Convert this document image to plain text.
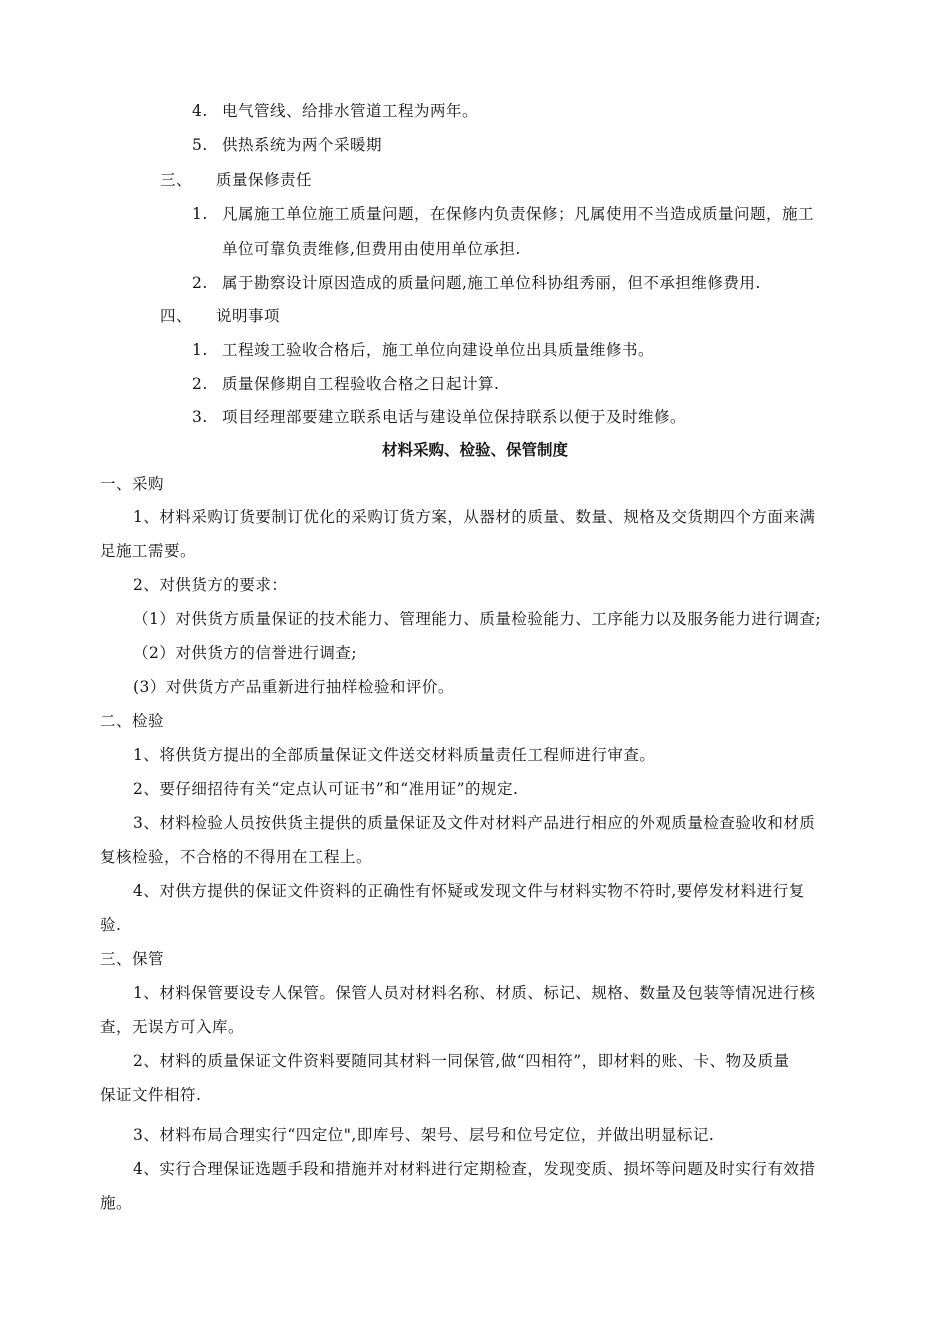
4. 电气管线、给排水管道工程为两年。
5. 供热系统为两个采暖期
三、 质量保修责任
1. 凡属施工单位施工质量问题，在保修内负责保修；凡属使用不当造成质量问题，施工
单位可靠负责维修,但费用由使用单位承担.
2. 属于勘察设计原因造成的质量问题,施工单位科协组秀丽，但不承担维修费用.
四、 说明事项
1. 工程竣工验收合格后，施工单位向建设单位出具质量维修书。
2. 质量保修期自工程验收合格之日起计算.
3. 项目经理部要建立联系电话与建设单位保持联系以便于及时维修。
材料采购、检验、保管制度
一、采购
1、材料采购订货要制订优化的采购订货方案，从器材的质量、数量、规格及交货期四个方面来满
足施工需要。
2、对供货方的要求：
（1）对供货方质量保证的技术能力、管理能力、质量检验能力、工序能力以及服务能力进行调查;
（2）对供货方的信誉进行调查;
(3）对供货方产品重新进行抽样检验和评价。
二、检验
1、将供货方提出的全部质量保证文件送交材料质量责任工程师进行审查。
2、要仔细招待有关“定点认可证书”和“准用证”的规定.
3、材料检验人员按供货主提供的质量保证及文件对材料产品进行相应的外观质量检查验收和材质
复核检验，不合格的不得用在工程上。
4、对供方提供的保证文件资料的正确性有怀疑或发现文件与材料实物不符时,要停发材料进行复
验.
三、保管
1、材料保管要设专人保管。保管人员对材料名称、材质、标记、规格、数量及包装等情况进行核
查，无误方可入库。
2、材料的质量保证文件资料要随同其材料一同保管,做“四相符”，即材料的账、卡、物及质量
保证文件相符.
3、材料布局合理实行“四定位",即库号、架号、层号和位号定位，并做出明显标记.
4、实行合理保证选题手段和措施并对材料进行定期检查，发现变质、损坏等问题及时实行有效措
施。
